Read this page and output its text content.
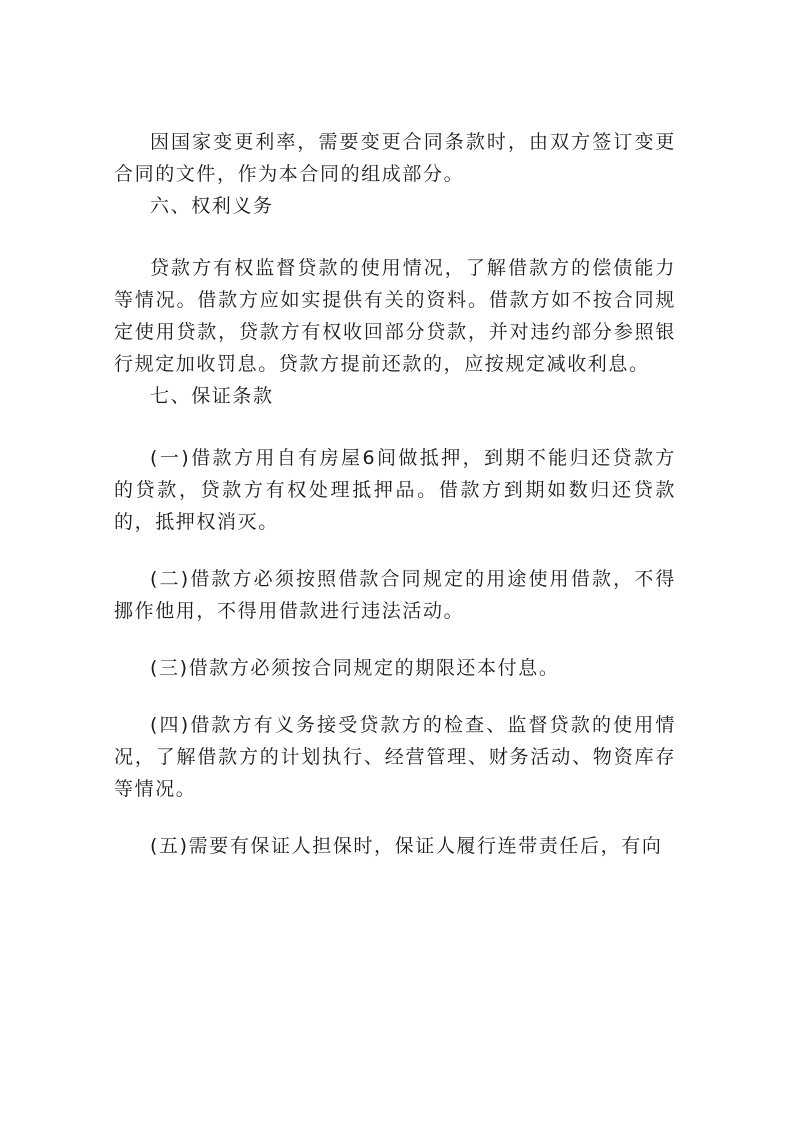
因国家变更利率，需要变更合同条款时，由双方签订变更合同的文件，作为本合同的组成部分。

六、权利义务

贷款方有权监督贷款的使用情况，了解借款方的偿债能力等情况。借款方应如实提供有关的资料。借款方如不按合同规定使用贷款，贷款方有权收回部分贷款，并对违约部分参照银行规定加收罚息。贷款方提前还款的，应按规定减收利息。

七、保证条款

(一)借款方用自有房屋6间做抵押，到期不能归还贷款方的贷款，贷款方有权处理抵押品。借款方到期如数归还贷款的，抵押权消灭。

(二)借款方必须按照借款合同规定的用途使用借款，不得挪作他用，不得用借款进行违法活动。

(三)借款方必须按合同规定的期限还本付息。

(四)借款方有义务接受贷款方的检查、监督贷款的使用情况，了解借款方的计划执行、经营管理、财务活动、物资库存等情况。

(五)需要有保证人担保时，保证人履行连带责任后，有向
